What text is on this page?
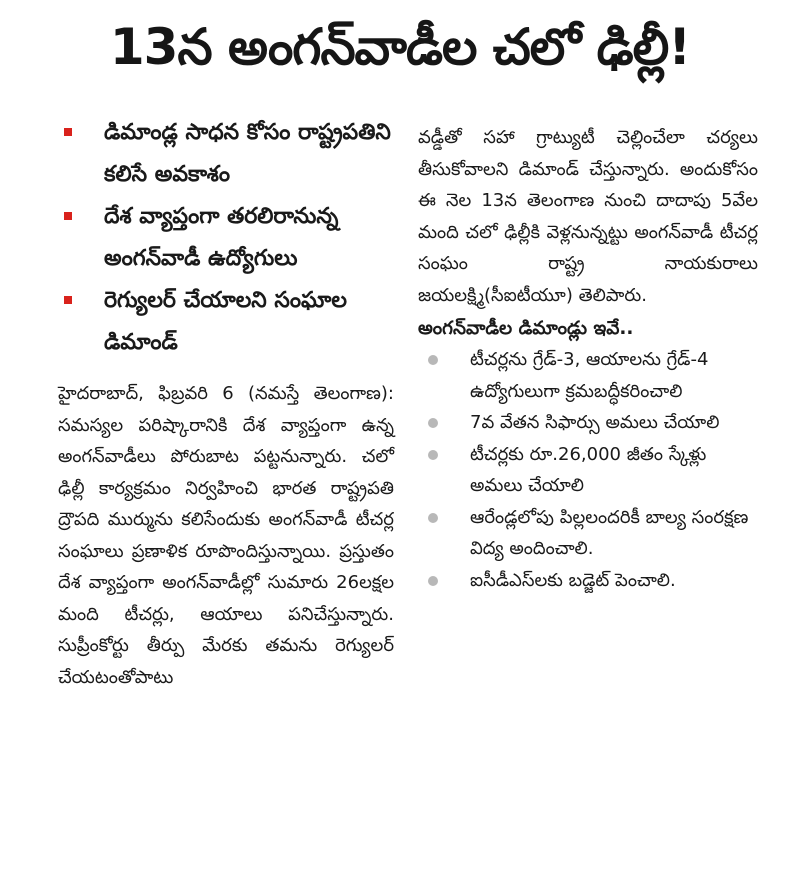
13న అంగన్‌వాడీల చలో ఢిల్లీ!
డిమాండ్ల సాధన కోసం రాష్ట్రపతిని కలిసే అవకాశం
దేశ వ్యాప్తంగా తరలిరానున్న అంగన్‌వాడీ ఉద్యోగులు
రెగ్యులర్ చేయాలని సంఘాల డిమాండ్
హైదరాబాద్, ఫిబ్రవరి 6 (నమస్తే తెలంగాణ): సమస్యల పరిష్కారానికి దేశ వ్యాప్తంగా ఉన్న అంగన్‌వాడీలు పోరుబాట పట్టనున్నారు. చలో ఢిల్లీ కార్యక్రమం నిర్వహించి భారత రాష్ట్రపతి ద్రౌపది ముర్మును కలిసేందుకు అంగన్‌వాడీ టీచర్ల సంఘాలు ప్రణాళిక రూపొందిస్తున్నాయి. ప్రస్తుతం దేశ వ్యాప్తంగా అంగన్‌వాడీల్లో సుమారు 26లక్షల మంది టీచర్లు, ఆయాలు పనిచేస్తున్నారు. సుప్రీంకోర్టు తీర్పు మేరకు తమను రెగ్యులర్ చేయటంతోపాటు
వడ్డీతో సహా గ్రాట్యుటీ చెల్లించేలా చర్యలు తీసుకోవాలని డిమాండ్ చేస్తున్నారు. అందుకోసం ఈ నెల 13న తెలంగాణ నుంచి దాదాపు 5వేల మంది చలో ఢిల్లీకి వెళ్లనున్నట్టు అంగన్‌వాడీ టీచర్ల సంఘం రాష్ట్ర నాయకురాలు జయలక్ష్మి(సీఐటీయూ) తెలిపారు.
అంగన్‌వాడీల డిమాండ్లు ఇవే..
టీచర్లను గ్రేడ్-3, ఆయాలను గ్రేడ్-4 ఉద్యోగులుగా క్రమబద్ధీకరించాలి
7వ వేతన సిఫార్సు అమలు చేయాలి
టీచర్లకు రూ.26,000 జీతం స్కేళ్లు అమలు చేయాలి
ఆరేండ్లలోపు పిల్లలందరికీ బాల్య సంరక్షణ విద్య అందించాలి.
ఐసీడీఎస్‌లకు బడ్జెట్ పెంచాలి.
